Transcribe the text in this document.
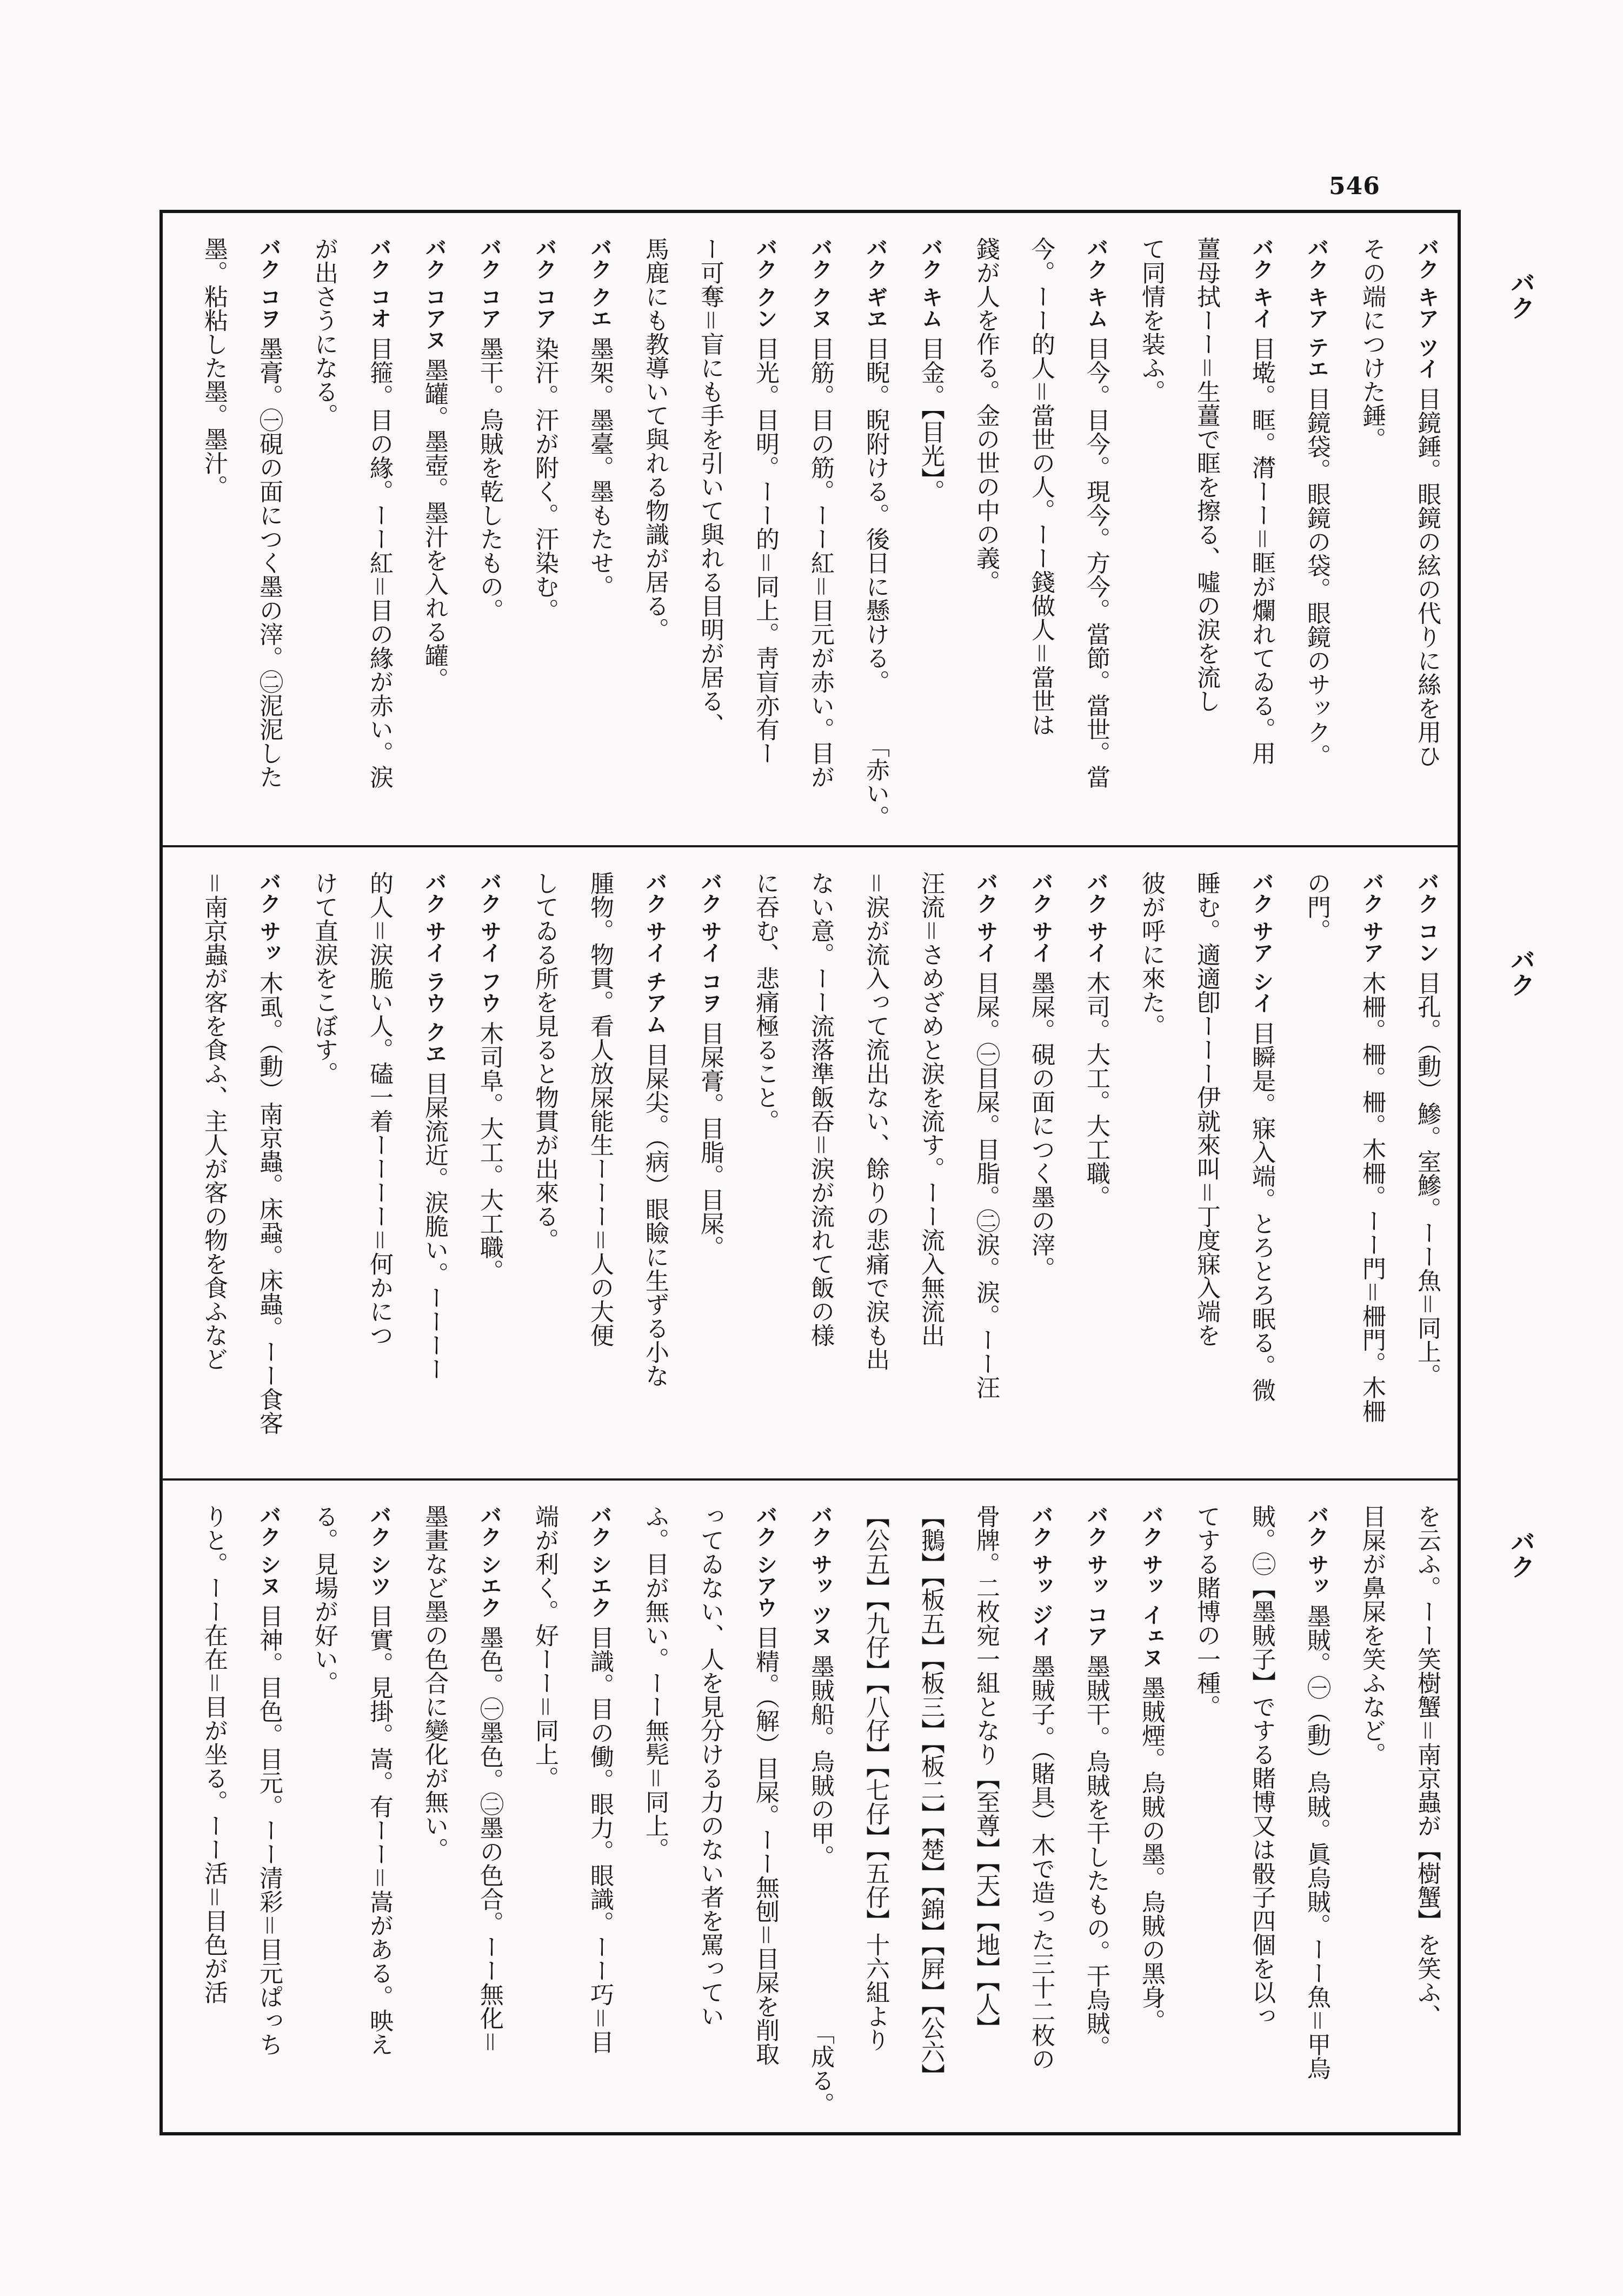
546
バク
バク
バク
バクキア ツイ目鏡錘。眼鏡の絃の代りに絲を用ひ
その端につけた錘。
バクキア テエ目鏡袋。眼鏡の袋。眼鏡のサック。
バクキイ目墘。眶。潸ーー＝眶が爛れてゐる。用
薑母拭ーー＝生薑で眶を擦る、噓の涙を流し
て同情を装ふ。
バクキム目今。目今。現今。方今。當節。當世。當
今。ーー的人＝當世の人。ーー錢做人＝當世は
錢が人を作る。金の世の中の義。
バクキム目金。【目光】。
バクギヱ目睨。睨附ける。後日に懸ける。
「赤い。
バククヌ目筋。目の筋。ーー紅＝目元が赤い。目が
バククン目光。目明。ーー的＝同上。靑盲亦有ー
ー可奪＝盲にも手を引いて與れる目明が居る、
馬鹿にも教導いて與れる物識が居る。
バククエ墨架。墨臺。墨もたせ。
バクコア染汗。汗が附く。汗染む。
バクコア墨干。烏賊を乾したもの。
バクコアヌ墨罐。墨壺。墨汁を入れる罐。
バクコオ目箍。目の緣。ーー紅＝目の緣が赤い。涙
が出さうになる。
バクコヲ墨膏。㊀硯の面につく墨の滓。㊁泥泥した
墨。粘粘した墨。墨汁。
バクコン目孔。（動）鰺。室鰺。ーー魚＝同上。
バクサア木柵。柵。柵。木柵。ーー門＝柵門。木柵
の門。
バクサア シイ目瞬是。寐入端。とろとろ眠る。微
睡む。適適卽ーーー伊就來叫＝丁度寐入端を
彼が呼に來た。
バクサイ木司。大工。大工職。
バクサイ墨屎。硯の面につく墨の滓。
バクサイ目屎。㊀目屎。目脂。㊁涙。涙。ーー汪
汪流＝さめざめと涙を流す。ーー流入無流出
＝涙が流入って流出ない、餘りの悲痛で涙も出
ない意。ーー流落準飯吞＝涙が流れて飯の様
に吞む、悲痛極ること。
バクサイ コヲ目屎膏。目脂。目屎。
バクサイ チアム目屎尖。（病）眼瞼に生ずる小な
腫物。物貫。看人放屎能生ーーー＝人の大便
してゐる所を見ると物貫が出來る。
バクサイ フウ木司阜。大工。大工職。
バクサイ ラウ クヱ目屎流近。涙脆い。ーーーー
的人＝涙脆い人。磕一着ーーーー＝何かにつ
けて直涙をこぼす。
バクサッ木虱。（動）南京蟲。床蝨。床蟲。ーー食客
＝南京蟲が客を食ふ、主人が客の物を食ふなど
を云ふ。ーー笑樹蟹＝南京蟲が【樹蟹】を笑ふ、
目屎が鼻屎を笑ふなど。
バクサッ墨賊。㊀（動）烏賊。眞烏賊。ーー魚＝甲烏
賊。㊁【墨賊子】でする賭博又は骰子四個を以っ
てする賭博の一種。
バクサッ イェヌ墨賊煙。烏賊の墨。烏賊の黑身。
バクサッ コア墨賊干。烏賊を干したもの。干烏賊。
バクサッ ジイ墨賊子。（賭具）木で造った三十二枚の
骨牌。二枚宛一組となり【至尊】【天】【地】【人】
【鵝】【板五】【板三】【板二】【楚】【錦】【屛】【公六】
【公五】【九仔】【八仔】【七仔】【五仔】十六組より
バクサッ ツヌ墨賊船。烏賊の甲。
「成る。
バクシアウ目精。（解）目屎。ーー無刨＝目屎を削取
ってゐない、人を見分ける力のない者を罵ってい
ふ。目が無い。ーー無髡＝同上。
バクシエク目識。目の働。眼力。眼識。ーー巧＝目
端が利く。好ーー＝同上。
バクシエク墨色。㊀墨色。㊁墨の色合。ーー無化＝
墨畫など墨の色合に變化が無い。
バクシツ目實。見掛。嵩。有ーー＝嵩がある。映え
る。見場が好い。
バクシヌ目神。目色。目元。ーー清彩＝目元ぱっち
りと。ーー在在＝目が坐る。ーー活＝目色が活
